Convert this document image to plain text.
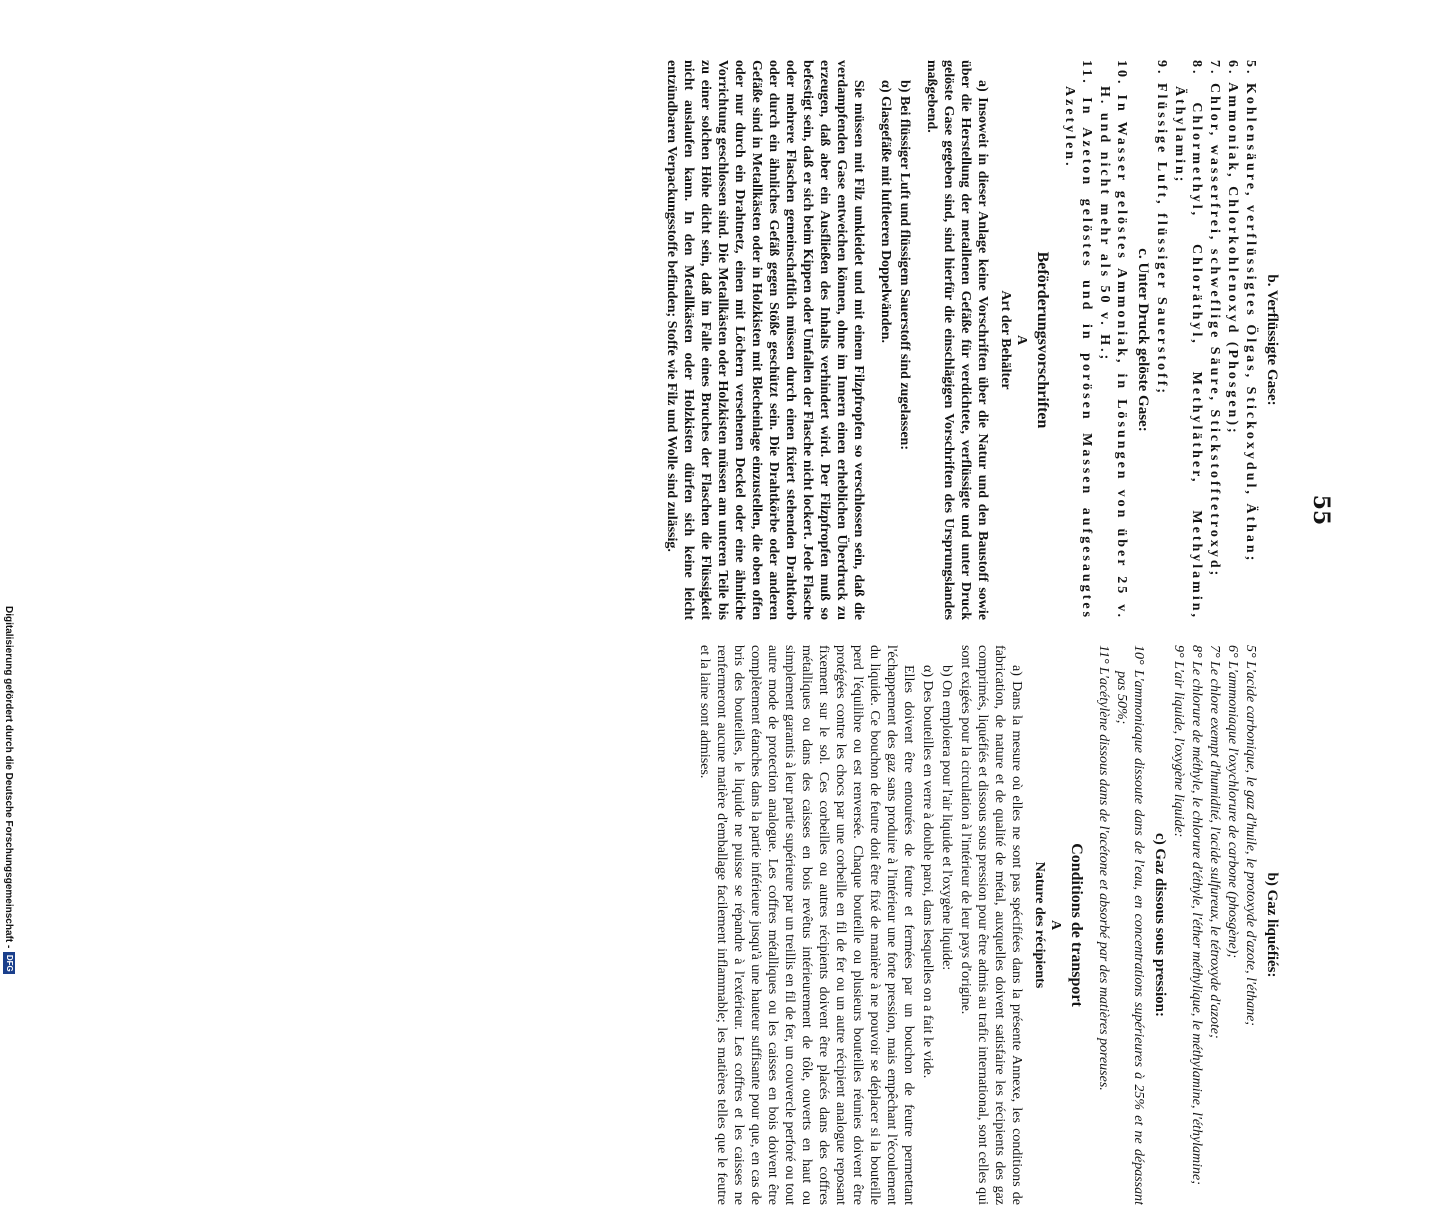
55
b. Verflüssigte Gase:
5. Kohlensäure, verflüssigtes Ölgas, Stickoxydul, Äthan;
6. Ammoniak, Chlorkohlenoxyd (Phosgen);
7. Chlor, wasserfrei, schweflige Säure, Stickstofftetroxyd;
8. Chlormethyl, Chloräthyl, Methyläther, Methylamin, Äthylamin;
9. Flüssige Luft, flüssiger Sauerstoff;
c. Unter Druck gelöste Gase:
10. In Wasser gelöstes Ammoniak, in Lösungen von über 25 v. H. und nicht mehr als 50 v. H.;
11. In Azeton gelöstes und in porösen Massen aufgesaugtes Azetylen.
Beförderungsvorschriften
A
Art der Behälter
a) Insoweit in dieser Anlage keine Vorschriften über die Natur und den Baustoff sowie über die Herstellung der metallenen Gefäße für verdichtete, verflüssigte und unter Druck gelöste Gase gegeben sind, sind hierfür die einschlägigen Vorschriften des Ursprungslandes maßgebend.
b) Bei flüssiger Luft und flüssigem Sauerstoff sind zugelassen:
α) Glasgefäße mit luftleeren Doppelwänden.
Sie müssen mit Filz umkleidet und mit einem Filzpfropfen so verschlossen sein, daß die verdampfenden Gase entweichen können, ohne im Innern einen erheblichen Überdruck zu erzeugen, daß aber ein Ausfließen des Inhalts verhindert wird. Der Filzpfropfen muß so befestigt sein, daß er sich beim Kippen oder Umfallen der Flasche nicht lockert. Jede Flasche oder mehrere Flaschen gemeinschaftlich müssen durch einen fixiert stehenden Drahtkorb oder durch ein ähnliches Gefäß gegen Stöße geschützt sein. Die Drahtkörbe oder anderen Gefäße sind in Metallkästen oder in Holzkisten mit Blecheinlage einzustellen, die oben offen oder nur durch ein Drahtnetz, einen mit Löchern versehenen Deckel oder eine ähnliche Vorrichtung geschlossen sind. Die Metallkästen oder Holzkisten müssen am unteren Teile bis zu einer solchen Höhe dicht sein, daß im Falle eines Bruches der Flaschen die Flüssigkeit nicht auslaufen kann. In den Metallkästen oder Holzkisten dürfen sich keine leicht entzündbaren Verpackungsstoffe befinden; Stoffe wie Filz und Wolle sind zulässig.
b) Gaz liquéfiés:
5° L'acide carbonique, le gaz d'huile, le protoxyde d'azote, l'éthane;
6° L'ammoniaque l'oxychlorure de carbone (phosgène);
7° Le chlore exempt d'humidité, l'acide sulfureux, le tétroxyde d'azote;
8° Le chlorure de méthyle, le chlorure d'éthyle, l'éther méthylique, le méthylamine, l'éthylamine;
9° L'air liquide, l'oxygène liquide:
c) Gaz dissous sous pression:
10° L'ammoniaque dissoute dans de l'eau, en concentrations supérieures à 25% et ne dépassant pas 50%;
11° L'acétylène dissous dans de l'acétone et absorbé par des matières poreuses.
Conditions de transport
A
Nature des récipients
a) Dans la mesure où elles ne sont pas spécifiées dans la présente Annexe, les conditions de fabrication, de nature et de qualité de métal, auxquelles doivent satisfaire les récipients des gaz comprimés, liquéfiés et dissous sous pression pour être admis au trafic international, sont celles qui sont exigées pour la circulation à l'intérieur de leur pays d'origine.
b) On emploiera pour l'air liquide et l'oxygène liquide:
α) Des bouteilles en verre à double paroi, dans lesquelles on a fait le vide.
Elles doivent être entourées de feutre et fermées par un bouchon de feutre permettant l'échappement des gaz sans produire à l'intérieur une forte pression, mais empêchant l'écoulement du liquide. Ce bouchon de feutre doit être fixé de manière à ne pouvoir se déplacer si la bouteille perd l'équilibre ou est renversée. Chaque bouteille ou plusieurs bouteilles réunies doivent être protégées contre les chocs par une corbeille en fil de fer ou un autre récipient analogue reposant fixement sur le sol. Ces corbeilles ou autres récipients doivent être placés dans des coffres métalliques ou dans des caisses en bois revêtus intérieurement de tôle, ouverts en haut ou simplement garantis à leur partie supérieure par un treillis en fil de fer, un couvercle perforé ou tout autre mode de protection analogue. Les coffres métalliques ou les caisses en bois doivent être complètement étanches dans la partie inférieure jusqu'à une hauteur suffisante pour que, en cas de bris des bouteilles, le liquide ne puisse se répandre à l'extérieur. Les coffres et les caisses ne renfermeront aucune matière d'emballage facilement inflammable; les matières telles que le feutre et la laine sont admises.
Digitalisierung gefördert durch die Deutsche Forschungsgemeinschaft -
DFG
